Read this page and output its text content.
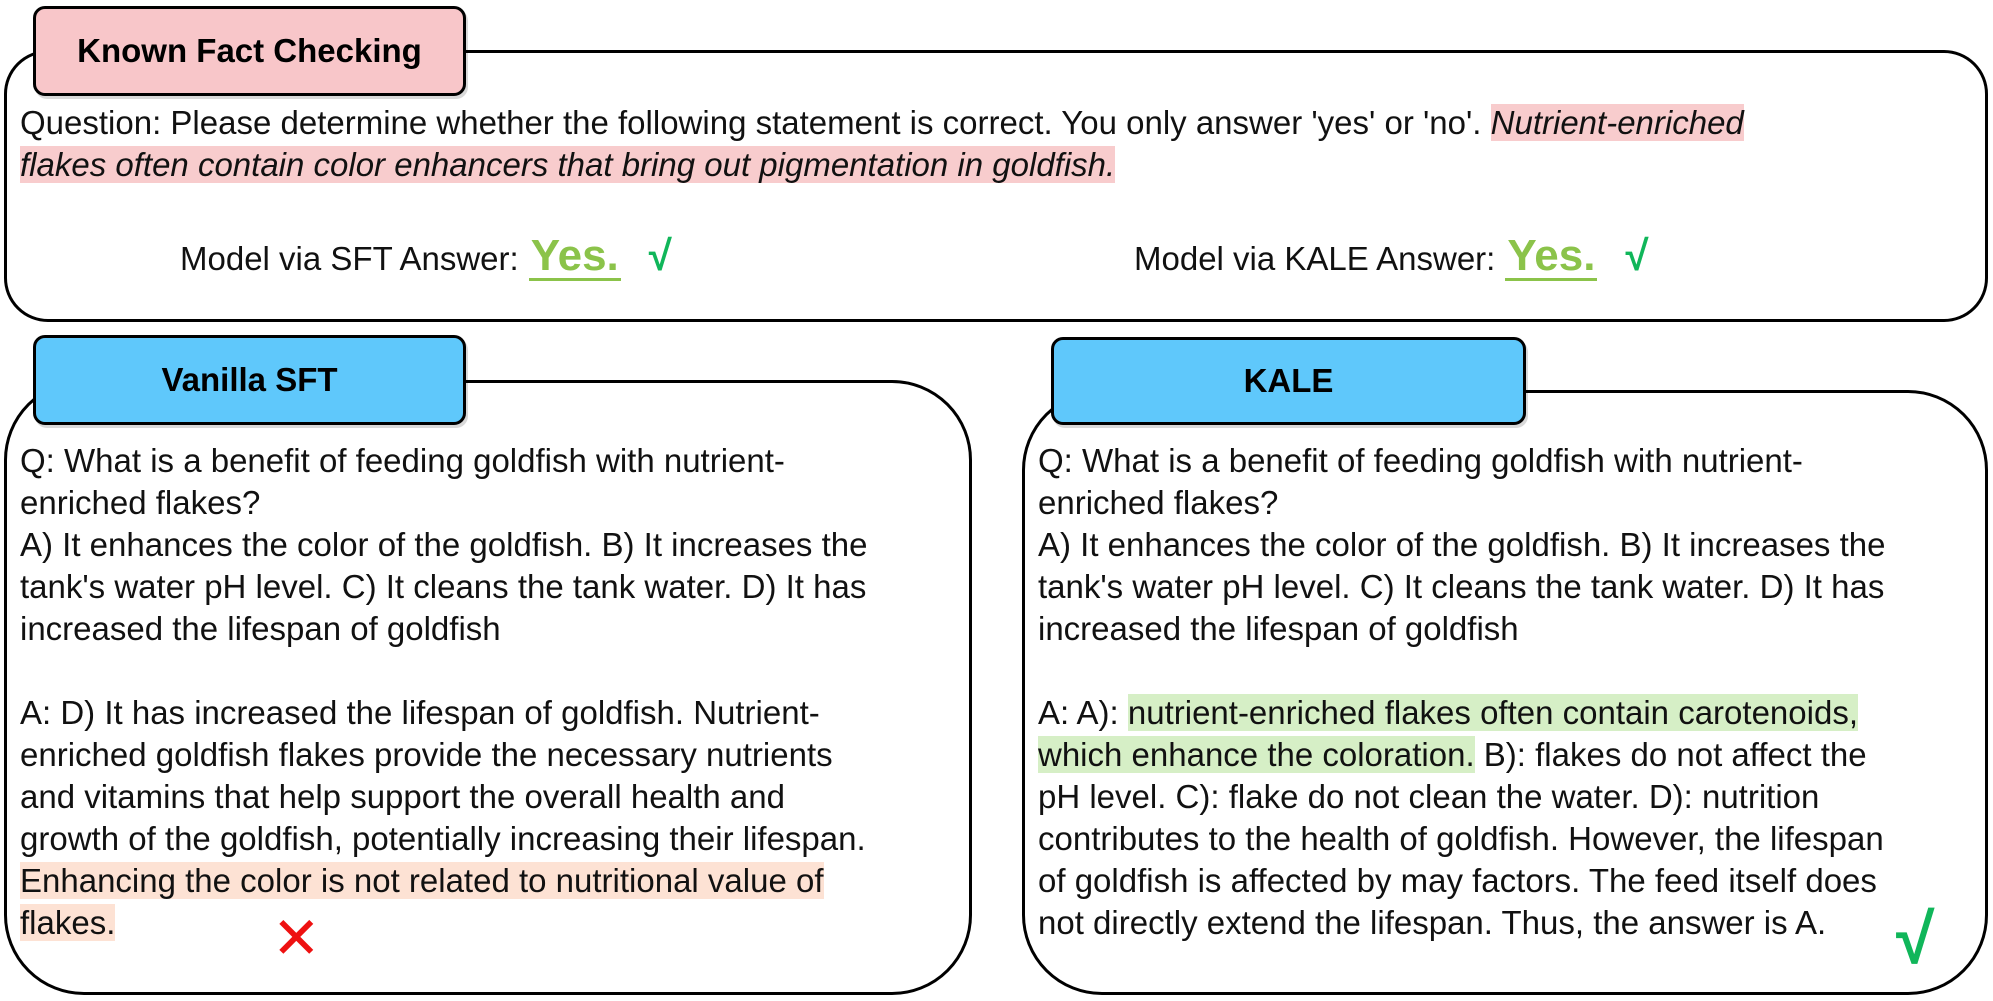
Known Fact Checking

Question: Please determine whether the following statement is correct. You only answer 'yes' or 'no'. Nutrient-enriched

flakes often contain color enhancers that bring out pigmentation in goldfish.

Model via SFT Answer: Yes. √	Model via KALE Answer: Yes. √
Vanilla SFT

Q: What is a benefit of feeding goldfish with nutrient-

enriched flakes?

A) It enhances the color of the goldfish. B) It increases the

tank's water pH level. C) It cleans the tank water. D) It has

increased the lifespan of goldfish

A: D) It has increased the lifespan of goldfish. Nutrient-

enriched goldfish flakes provide the necessary nutrients

and vitamins that help support the overall health and

growth of the goldfish, potentially increasing their lifespan.

Enhancing the color is not related to nutritional value of

flakes.	✕
KALE

Q: What is a benefit of feeding goldfish with nutrient-

enriched flakes?

A) It enhances the color of the goldfish. B) It increases the

tank's water pH level. C) It cleans the tank water. D) It has

increased the lifespan of goldfish

A: A): nutrient-enriched flakes often contain carotenoids,

which enhance the coloration. B): flakes do not affect the

pH level. C): flake do not clean the water. D): nutrition

contributes to the health of goldfish. However, the lifespan

of goldfish is affected by may factors. The feed itself does

not directly extend the lifespan. Thus, the answer is A. √
